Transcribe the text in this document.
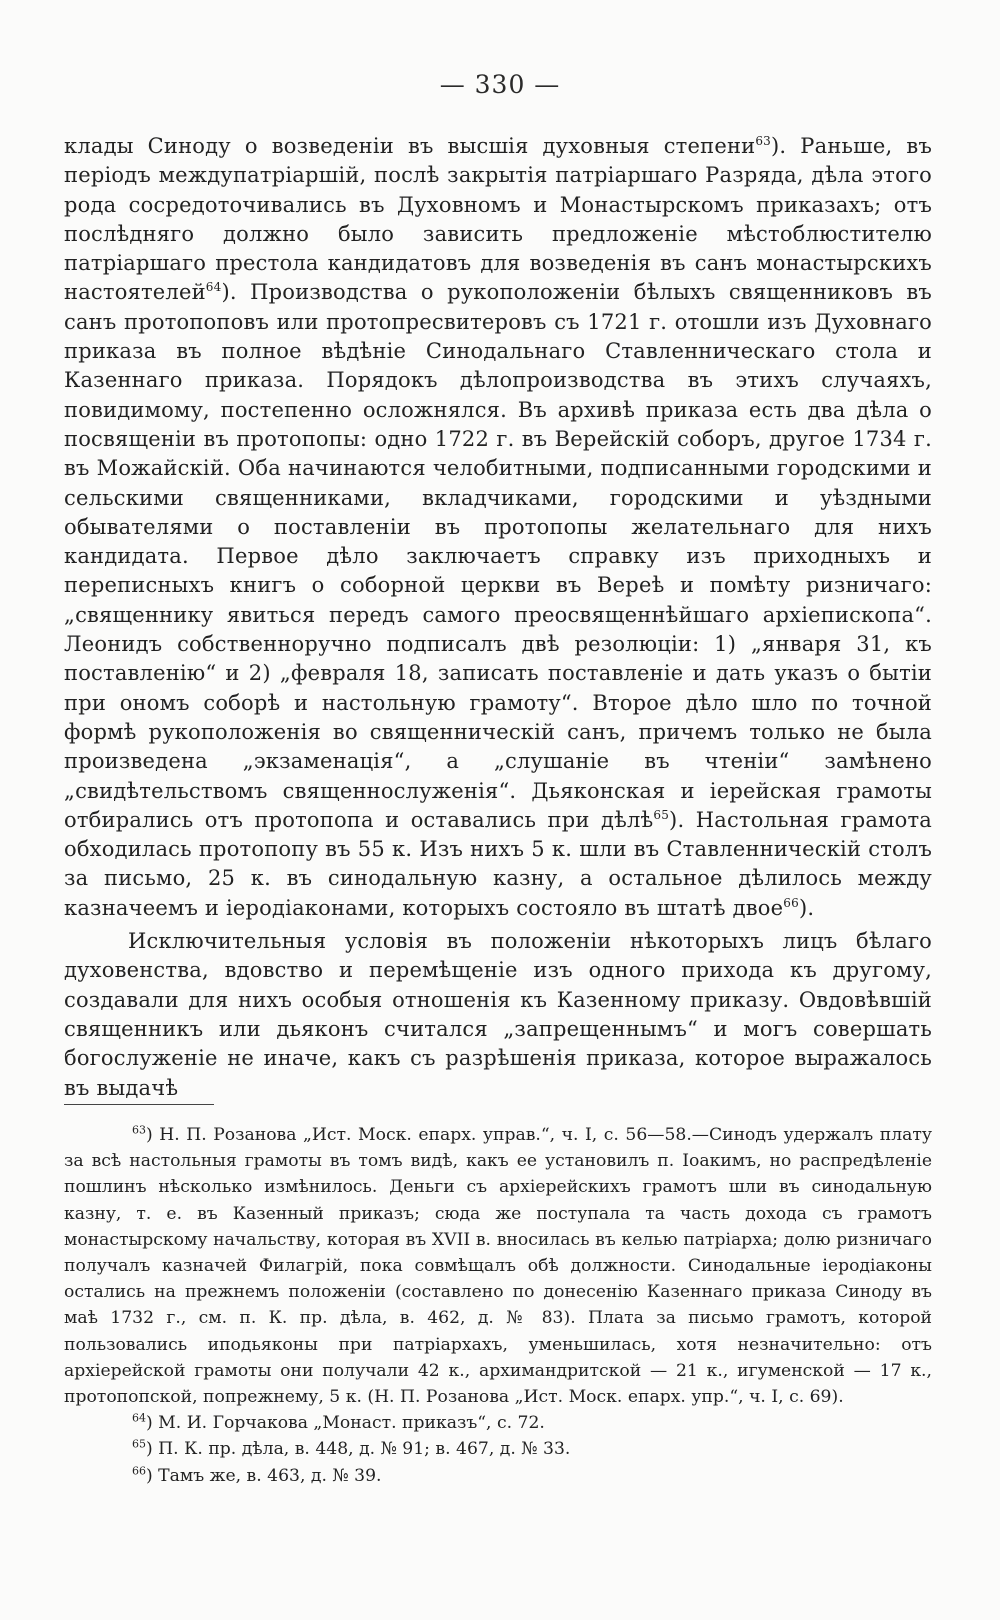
— 330 —

клады Синоду о возведенiи въ высшiя духовныя степени$^{63}$). Раньше, въ перiодъ междупатрiаршiй, послѣ закрытiя патрiаршаго Разряда, дѣла этого рода сосредоточивались въ Духовномъ и Монастырскомъ приказахъ; отъ послѣдняго должно было зависить предложенiе мѣстоблюстителю патрiаршаго престола кандидатовъ для возведенiя въ санъ монастырскихъ настоятелей$^{64}$). Производства о рукоположенiи бѣлыхъ священниковъ въ санъ протопоповъ или протопресвитеровъ съ 1721 г. отошли изъ Духовнаго приказа въ полное вѣдѣнiе Синодальнаго Ставленническаго стола и Казеннаго приказа. Порядокъ дѣлопроизводства въ этихъ случаяхъ, повидимому, постепенно осложнялся. Въ архивѣ приказа есть два дѣла о посвященiи въ протопопы: одно 1722 г. въ Верейскiй соборъ, другое 1734 г. въ Можайскiй. Оба начинаются челобитными, подписанными городскими и сельскими священниками, вкладчиками, городскими и уѣздными обывателями о поставленiи въ протопопы желательнаго для нихъ кандидата. Первое дѣло заключаетъ справку изъ приходныхъ и переписныхъ книгъ о соборной церкви въ Вереѣ и помѣту ризничаго: „священнику явиться передъ самого преосвященнѣйшаго архiепископа“. Леонидъ собственноручно подписалъ двѣ резолюцiи: 1) „января 31, къ поставленiю“ и 2) „февраля 18, записать поставленiе и дать указъ о бытiи при ономъ соборѣ и настольную грамоту“. Второе дѣло шло по точной формѣ рукоположенiя во священническiй санъ, причемъ только не была произведена „экзаменацiя“, а „слушанiе въ чтенiи“ замѣнено „свидѣтельствомъ священнослуженiя“. Дьяконская и iерейская грамоты отбирались отъ протопопа и оставались при дѣлѣ$^{65}$). Настольная грамота обходилась протопопу въ 55 к. Изъ нихъ 5 к. шли въ Ставленническiй столъ за письмо, 25 к. въ синодальную казну, а остальное дѣлилось между казначеемъ и iеродiаконами, которыхъ состояло въ штатѣ двое$^{66}$).

Исключительныя условiя въ положенiи нѣкоторыхъ лицъ бѣлаго духовенства, вдовство и перемѣщенiе изъ одного прихода къ другому, создавали для нихъ особыя отношенiя къ Казенному приказу. Овдовѣвшiй священникъ или дьяконъ считался „запрещеннымъ“ и могъ совершать богослуженiе не иначе, какъ съ разрѣшенiя приказа, которое выражалось въ выдачѣ

$^{63}$) Н. П. Розанова „Ист. Моск. епарх. управ.“, ч. I, с. 56—58.—Синодъ удержалъ плату за всѣ настольныя грамоты въ томъ видѣ, какъ ее установилъ п. Iоакимъ, но распредѣленiе пошлинъ нѣсколько измѣнилось. Деньги съ архiерейскихъ грамотъ шли въ синодальную казну, т. е. въ Казенный приказъ; сюда же поступала та часть дохода съ грамотъ монастырскому начальству, которая въ XVII в. вносилась въ келью патрiарха; долю ризничаго получалъ казначей Филагрiй, пока совмѣщалъ обѣ должности. Синодальные iеродiаконы остались на прежнемъ положенiи (составлено по донесенiю Казеннаго приказа Синоду въ маѣ 1732 г., см. п. К. пр. дѣла, в. 462, д. № 83). Плата за письмо грамотъ, которой пользовались иподьяконы при патрiархахъ, уменьшилась, хотя незначительно: отъ архiерейской грамоты они получали 42 к., архимандритской — 21 к., игуменской — 17 к., протопопской, попрежнему, 5 к. (Н. П. Розанова „Ист. Моск. епарх. упр.“, ч. I, с. 69).

$^{64}$) М. И. Горчакова „Монаст. приказъ“, с. 72.

$^{65}$) П. К. пр. дѣла, в. 448, д. № 91; в. 467, д. № 33.

$^{66}$) Тамъ же, в. 463, д. № 39.
